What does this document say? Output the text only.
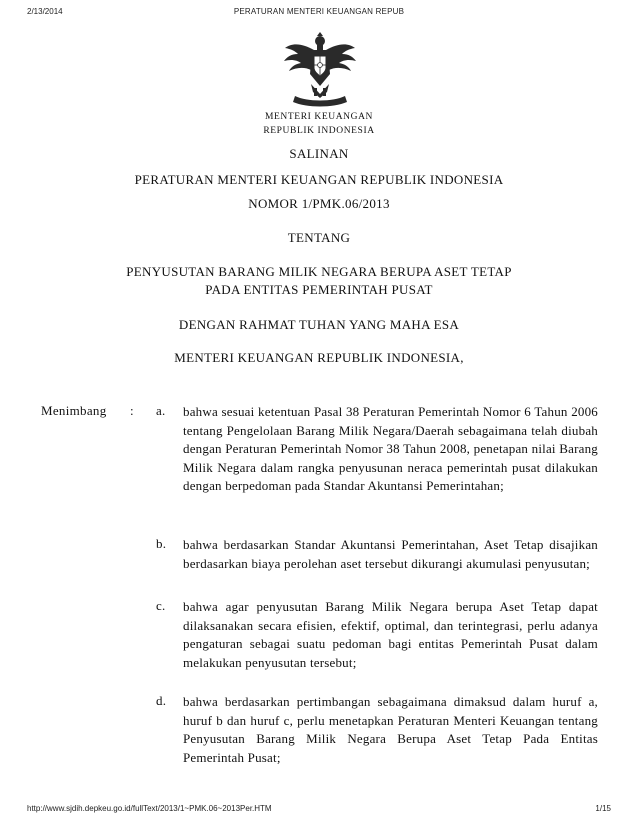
2/13/2014	PERATURAN MENTERI KEUANGAN REPUB
MENTERI KEUANGAN
REPUBLIK INDONESIA
SALINAN
PERATURAN MENTERI KEUANGAN REPUBLIK INDONESIA
NOMOR 1/PMK.06/2013
TENTANG
PENYUSUTAN BARANG MILIK NEGARA BERUPA ASET TETAP
PADA ENTITAS PEMERINTAH PUSAT
DENGAN RAHMAT TUHAN YANG MAHA ESA
MENTERI KEUANGAN REPUBLIK INDONESIA,
Menimbang : a. bahwa sesuai ketentuan Pasal 38 Peraturan Pemerintah Nomor 6 Tahun 2006 tentang Pengelolaan Barang Milik Negara/Daerah sebagaimana telah diubah dengan Peraturan Pemerintah Nomor 38 Tahun 2008, penetapan nilai Barang Milik Negara dalam rangka penyusunan neraca pemerintah pusat dilakukan dengan berpedoman pada Standar Akuntansi Pemerintahan;
b. bahwa berdasarkan Standar Akuntansi Pemerintahan, Aset Tetap disajikan berdasarkan biaya perolehan aset tersebut dikurangi akumulasi penyusutan;
c. bahwa agar penyusutan Barang Milik Negara berupa Aset Tetap dapat dilaksanakan secara efisien, efektif, optimal, dan terintegrasi, perlu adanya pengaturan sebagai suatu pedoman bagi entitas Pemerintah Pusat dalam melakukan penyusutan tersebut;
d. bahwa berdasarkan pertimbangan sebagaimana dimaksud dalam huruf a, huruf b dan huruf c, perlu menetapkan Peraturan Menteri Keuangan tentang Penyusutan Barang Milik Negara Berupa Aset Tetap Pada Entitas Pemerintah Pusat;
http://www.sjdih.depkeu.go.id/fullText/2013/1~PMK.06~2013Per.HTM	1/15
